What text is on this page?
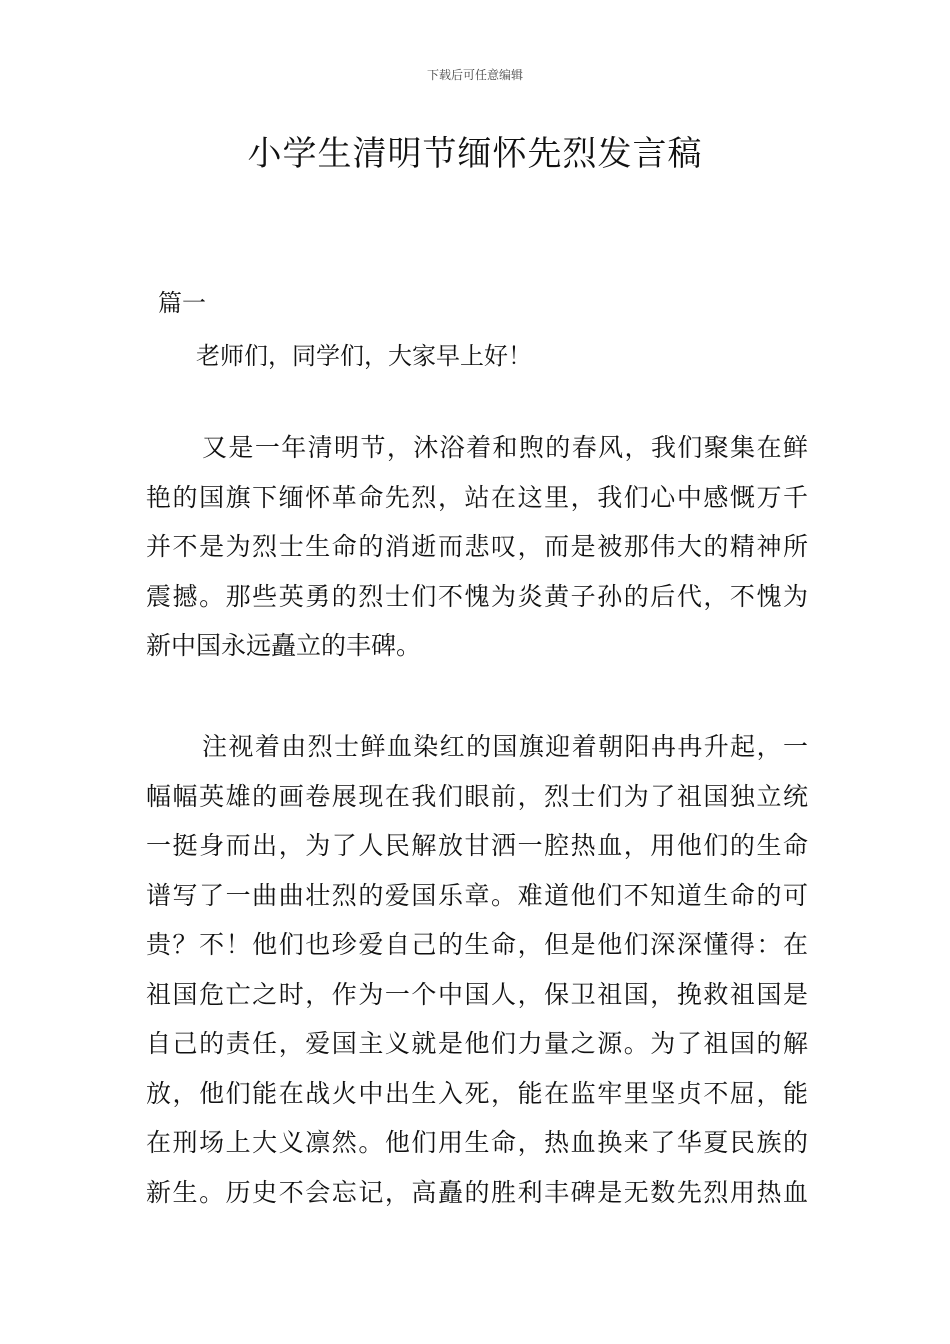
下载后可任意编辑
小学生清明节缅怀先烈发言稿
篇一
老师们，同学们，大家早上好！
又是一年清明节，沐浴着和煦的春风，我们聚集在鲜
艳的国旗下缅怀革命先烈，站在这里，我们心中感慨万千
并不是为烈士生命的消逝而悲叹，而是被那伟大的精神所
震撼。那些英勇的烈士们不愧为炎黄子孙的后代，不愧为
新中国永远矗立的丰碑。
注视着由烈士鲜血染红的国旗迎着朝阳冉冉升起，一
幅幅英雄的画卷展现在我们眼前，烈士们为了祖国独立统
一挺身而出，为了人民解放甘洒一腔热血，用他们的生命
谱写了一曲曲壮烈的爱国乐章。难道他们不知道生命的可
贵？不！他们也珍爱自己的生命，但是他们深深懂得：在
祖国危亡之时，作为一个中国人，保卫祖国，挽救祖国是
自己的责任，爱国主义就是他们力量之源。为了祖国的解
放，他们能在战火中出生入死，能在监牢里坚贞不屈，能
在刑场上大义凛然。他们用生命，热血换来了华夏民族的
新生。历史不会忘记，高矗的胜利丰碑是无数先烈用热血
